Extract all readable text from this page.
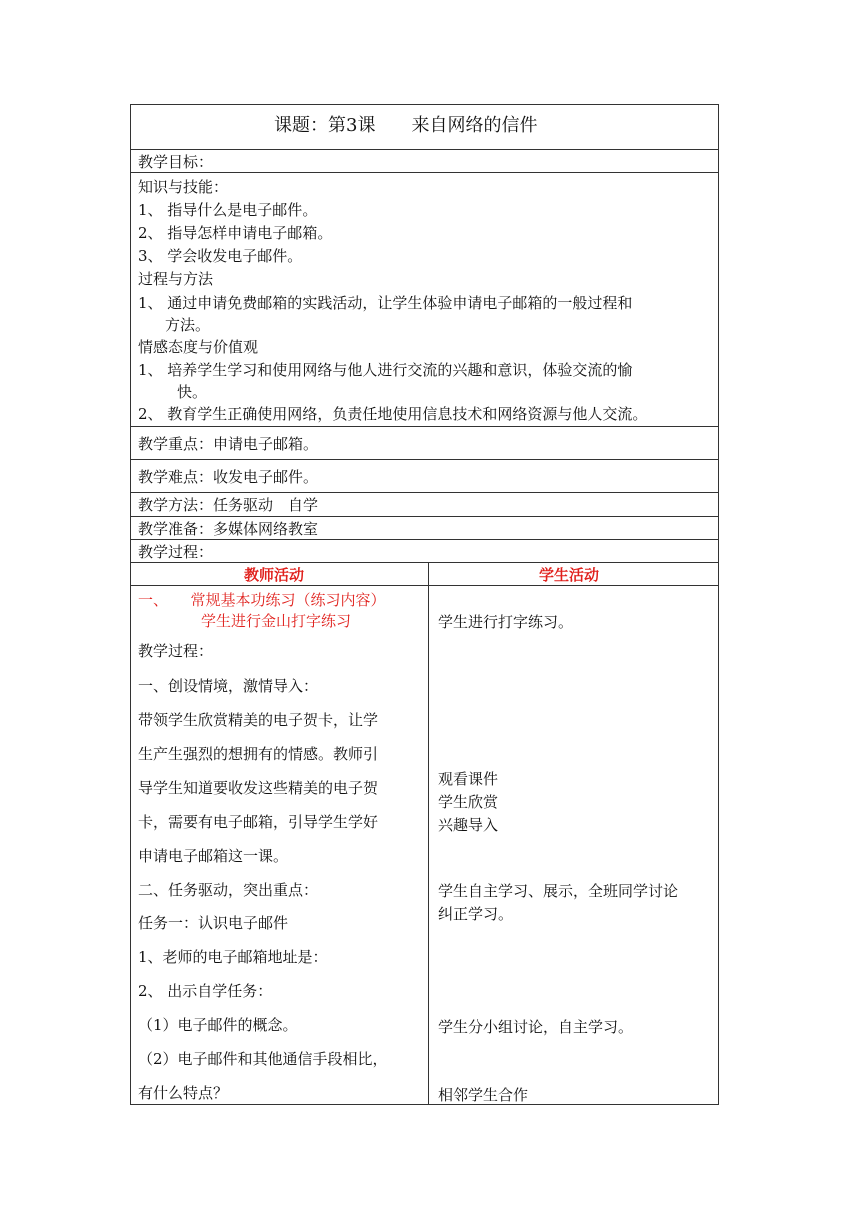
课题：第3课　　来自网络的信件
教学目标：
知识与技能：
1、 指导什么是电子邮件。
2、 指导怎样申请电子邮箱。
3、 学会收发电子邮件。
过程与方法
1、 通过申请免费邮箱的实践活动，让学生体验申请电子邮箱的一般过程和
方法。
情感态度与价值观
1、 培养学生学习和使用网络与他人进行交流的兴趣和意识，体验交流的愉
快。
2、 教育学生正确使用网络，负责任地使用信息技术和网络资源与他人交流。
教学重点：申请电子邮箱。
教学难点：收发电子邮件。
教学方法：任务驱动　自学
教学准备：多媒体网络教室
教学过程：
教师活动	学生活动
一、　　常规基本功练习（练习内容）
学生进行金山打字练习
教学过程：
一、创设情境，激情导入：
带领学生欣赏精美的电子贺卡，让学
生产生强烈的想拥有的情感。教师引
导学生知道要收发这些精美的电子贺
卡，需要有电子邮箱，引导学生学好
申请电子邮箱这一课。
二、任务驱动，突出重点：
任务一：认识电子邮件
1、老师的电子邮箱地址是：
2、 出示自学任务：
（1）电子邮件的概念。
（2）电子邮件和其他通信手段相比，
有什么特点？
学生进行打字练习。
观看课件
学生欣赏
兴趣导入
学生自主学习、展示，全班同学讨论
纠正学习。
学生分小组讨论，自主学习。
相邻学生合作
